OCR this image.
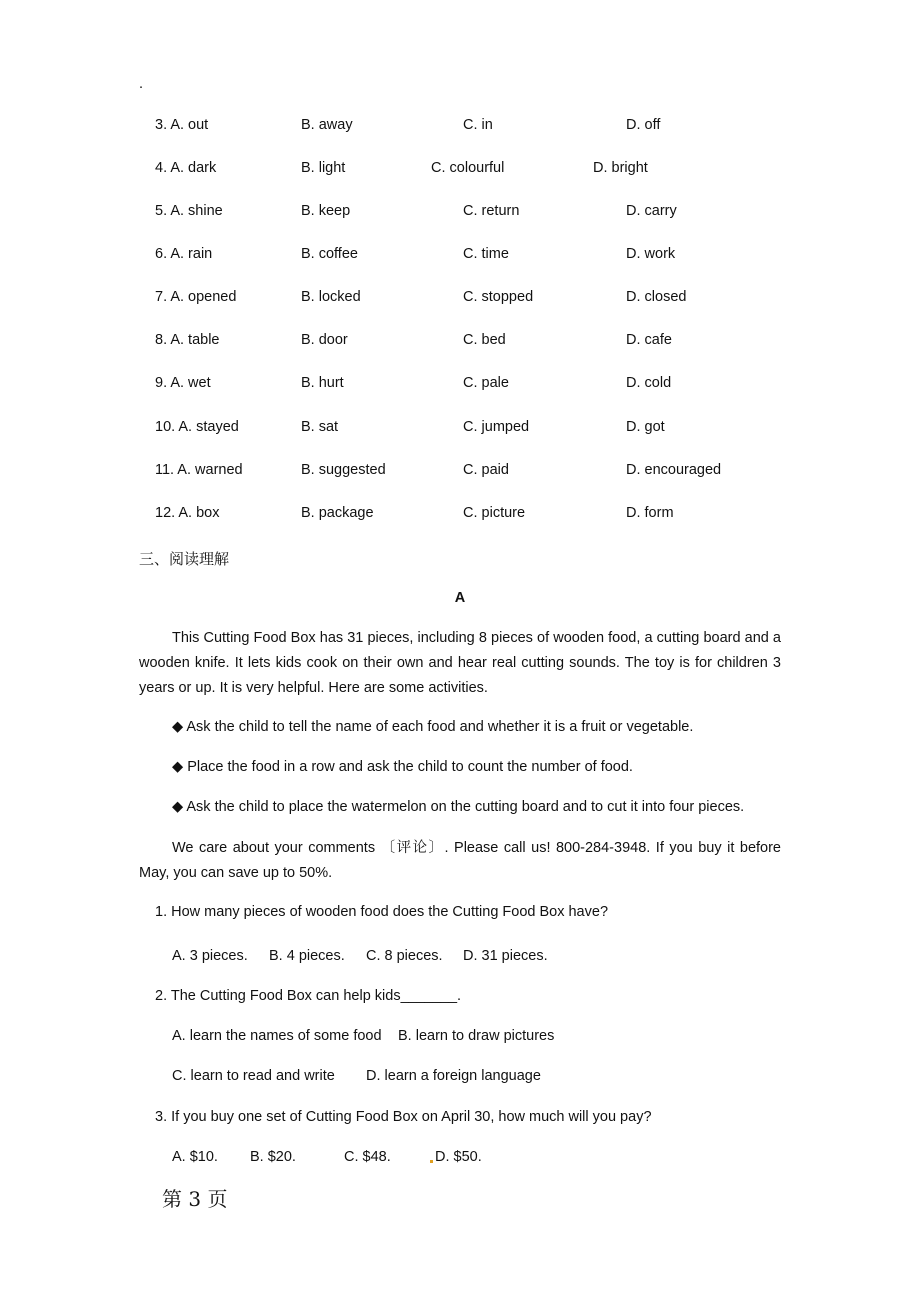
.
3. A. out	B. away	C. in	D. off
4. A. dark	B. light	C. colourful	D. bright
5. A. shine	B. keep	C. return	D. carry
6. A. rain	B. coffee	C. time	D. work
7. A. opened	B. locked	C. stopped	D. closed
8. A. table	B. door	C. bed	D. cafe
9. A. wet	B. hurt	C. pale	D. cold
10. A. stayed	B. sat	C. jumped	D. got
11. A. warned	B. suggested	C. paid	D. encouraged
12. A. box	B. package	C. picture	D. form
三、阅读理解
A
This Cutting Food Box has 31 pieces, including 8 pieces of wooden food, a cutting board and a wooden knife. It lets kids cook on their own and hear real cutting sounds. The toy is for children 3 years or up. It is very helpful. Here are some activities.
◆ Ask the child to tell the name of each food and whether it is a fruit or vegetable.
◆ Place the food in a row and ask the child to count the number of food.
◆ Ask the child to place the watermelon on the cutting board and to cut it into four pieces.
We care about your comments 〔评论〕. Please call us! 800-284-3948. If you buy it before May, you can save up to 50%.
1. How many pieces of wooden food does the Cutting Food Box have?
A. 3 pieces. B. 4 pieces. C. 8 pieces. D. 31 pieces.
2. The Cutting Food Box can help kids_______.
A. learn the names of some food B. learn to draw pictures
C. learn to read and write D. learn a foreign language
3. If you buy one set of Cutting Food Box on April 30, how much will you pay?
A. $10. B. $20.	C. $48.	D. $50.
第 3 页
